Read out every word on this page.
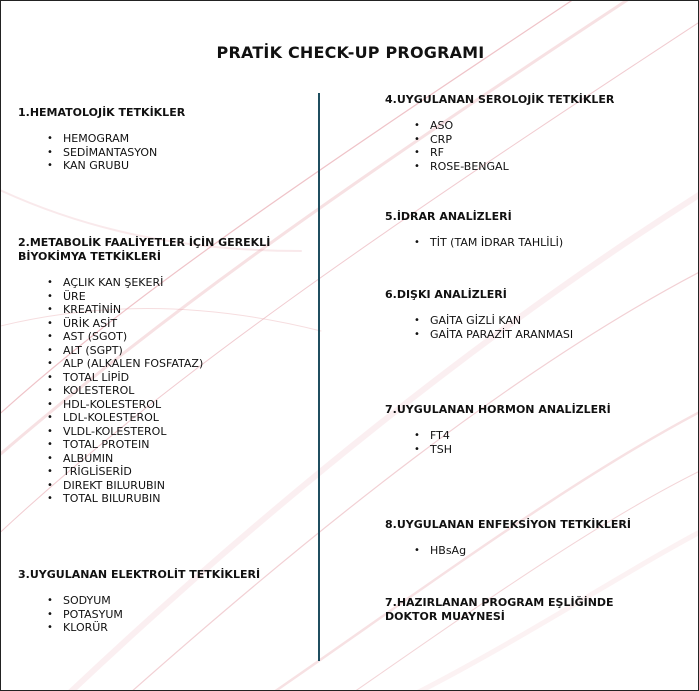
PRATİK CHECK-UP PROGRAMI

1.HEMATOLOJİK TETKİKLER

• HEMOGRAM
• SEDİMANTASYON
• KAN GRUBU

2.METABOLİK FAALİYETLER İÇİN GEREKLİ BİYOKİMYA TETKİKLERİ

• AÇLIK KAN ŞEKERİ
• ÜRE
• KREATİNİN
• ÜRİK ASİT
• AST (SGOT)
• ALT (SGPT)
• ALP (ALKALEN FOSFATAZ)
• TOTAL LİPİD
• KOLESTEROL
• HDL-KOLESTEROL
• LDL-KOLESTEROL
• VLDL-KOLESTEROL
• TOTAL PROTEIN
• ALBUMIN
• TRİGLİSERİD
• DIREKT BILURUBIN
• TOTAL BILURUBIN

3.UYGULANAN ELEKTROLİT TETKİKLERİ

• SODYUM
• POTASYUM
• KLORÜR

4.UYGULANAN SEROLOJİK TETKİKLER

• ASO
• CRP
• RF
• ROSE-BENGAL

5.İDRAR ANALİZLERİ

• TİT (TAM İDRAR TAHLİLİ)

6.DIŞKI ANALİZLERİ

• GAİTA GİZLİ KAN
• GAİTA PARAZİT ARANMASI

7.UYGULANAN HORMON ANALİZLERİ

• FT4
• TSH

8.UYGULANAN ENFEKSİYON TETKİKLERİ

• HBsAg

7.HAZIRLANAN PROGRAM EŞLİĞİNDE DOKTOR MUAYNESİ
